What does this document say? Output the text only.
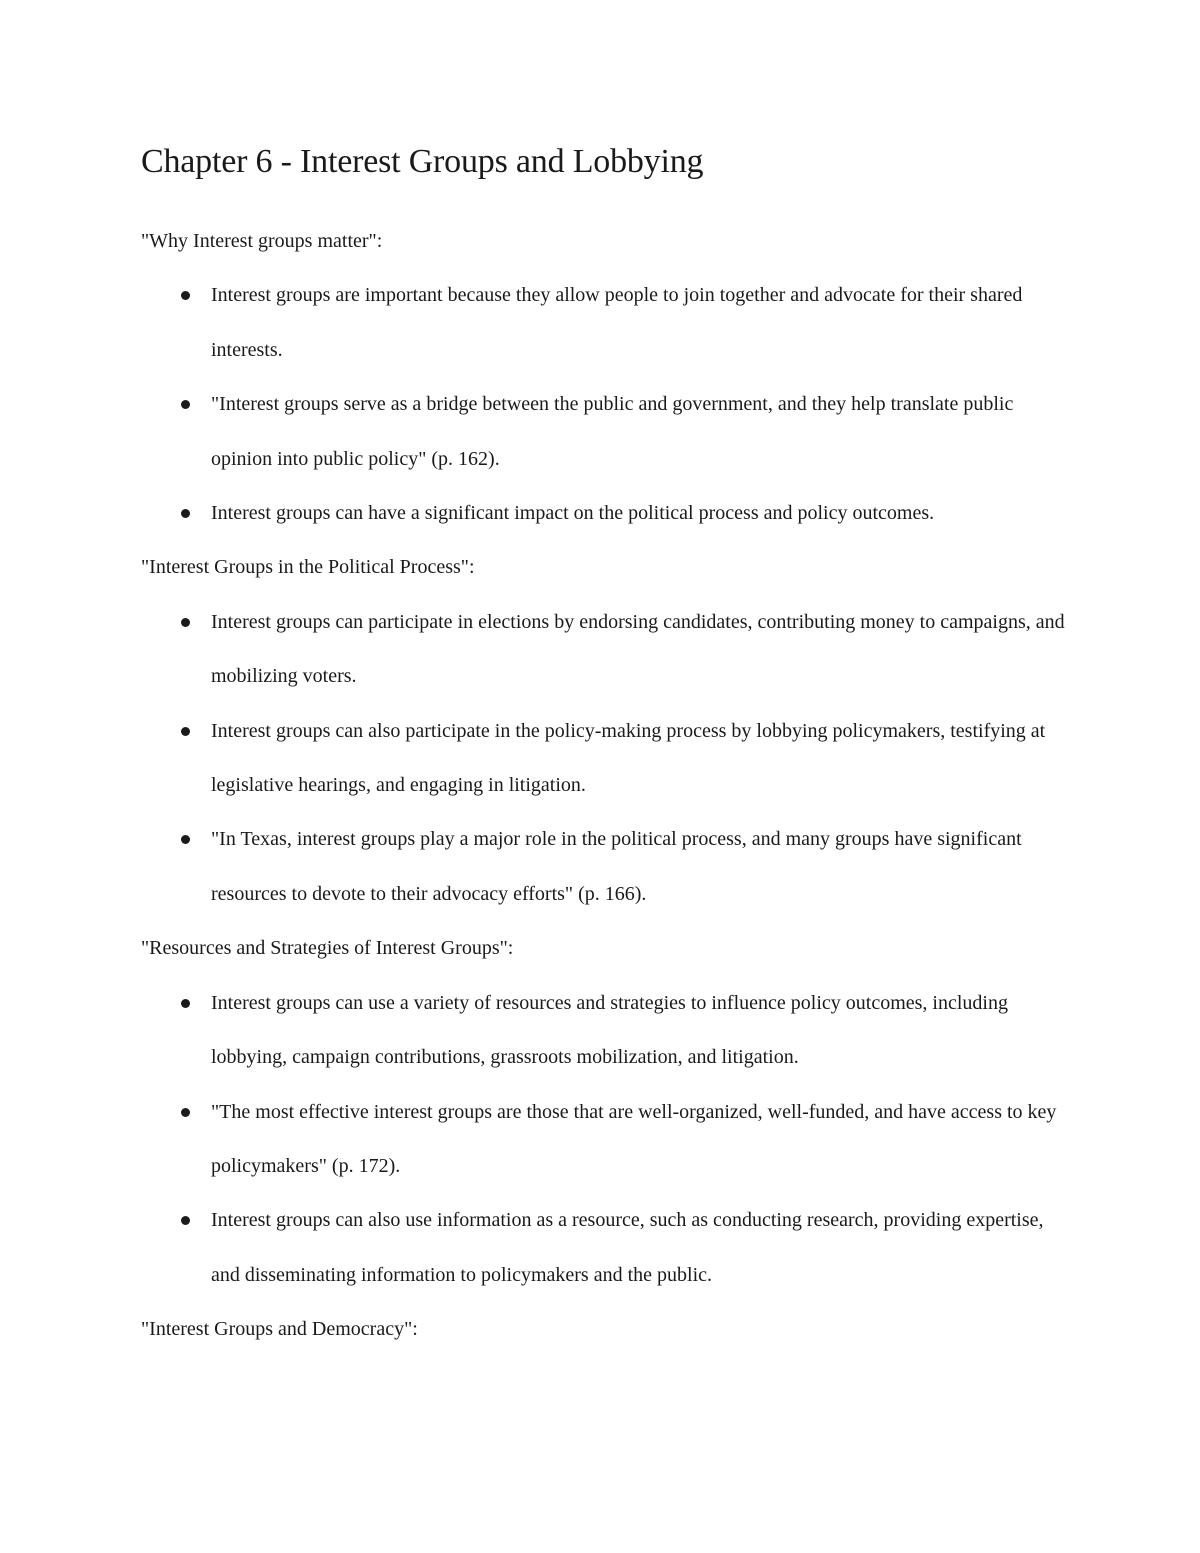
Chapter 6 - Interest Groups and Lobbying

"Why Interest groups matter":

Interest groups are important because they allow people to join together and advocate for their shared interests.
"Interest groups serve as a bridge between the public and government, and they help translate public opinion into public policy" (p. 162).
Interest groups can have a significant impact on the political process and policy outcomes.

"Interest Groups in the Political Process":

Interest groups can participate in elections by endorsing candidates, contributing money to campaigns, and mobilizing voters.
Interest groups can also participate in the policy-making process by lobbying policymakers, testifying at legislative hearings, and engaging in litigation.
"In Texas, interest groups play a major role in the political process, and many groups have significant resources to devote to their advocacy efforts" (p. 166).

"Resources and Strategies of Interest Groups":

Interest groups can use a variety of resources and strategies to influence policy outcomes, including lobbying, campaign contributions, grassroots mobilization, and litigation.
"The most effective interest groups are those that are well-organized, well-funded, and have access to key policymakers" (p. 172).
Interest groups can also use information as a resource, such as conducting research, providing expertise, and disseminating information to policymakers and the public.

"Interest Groups and Democracy":
